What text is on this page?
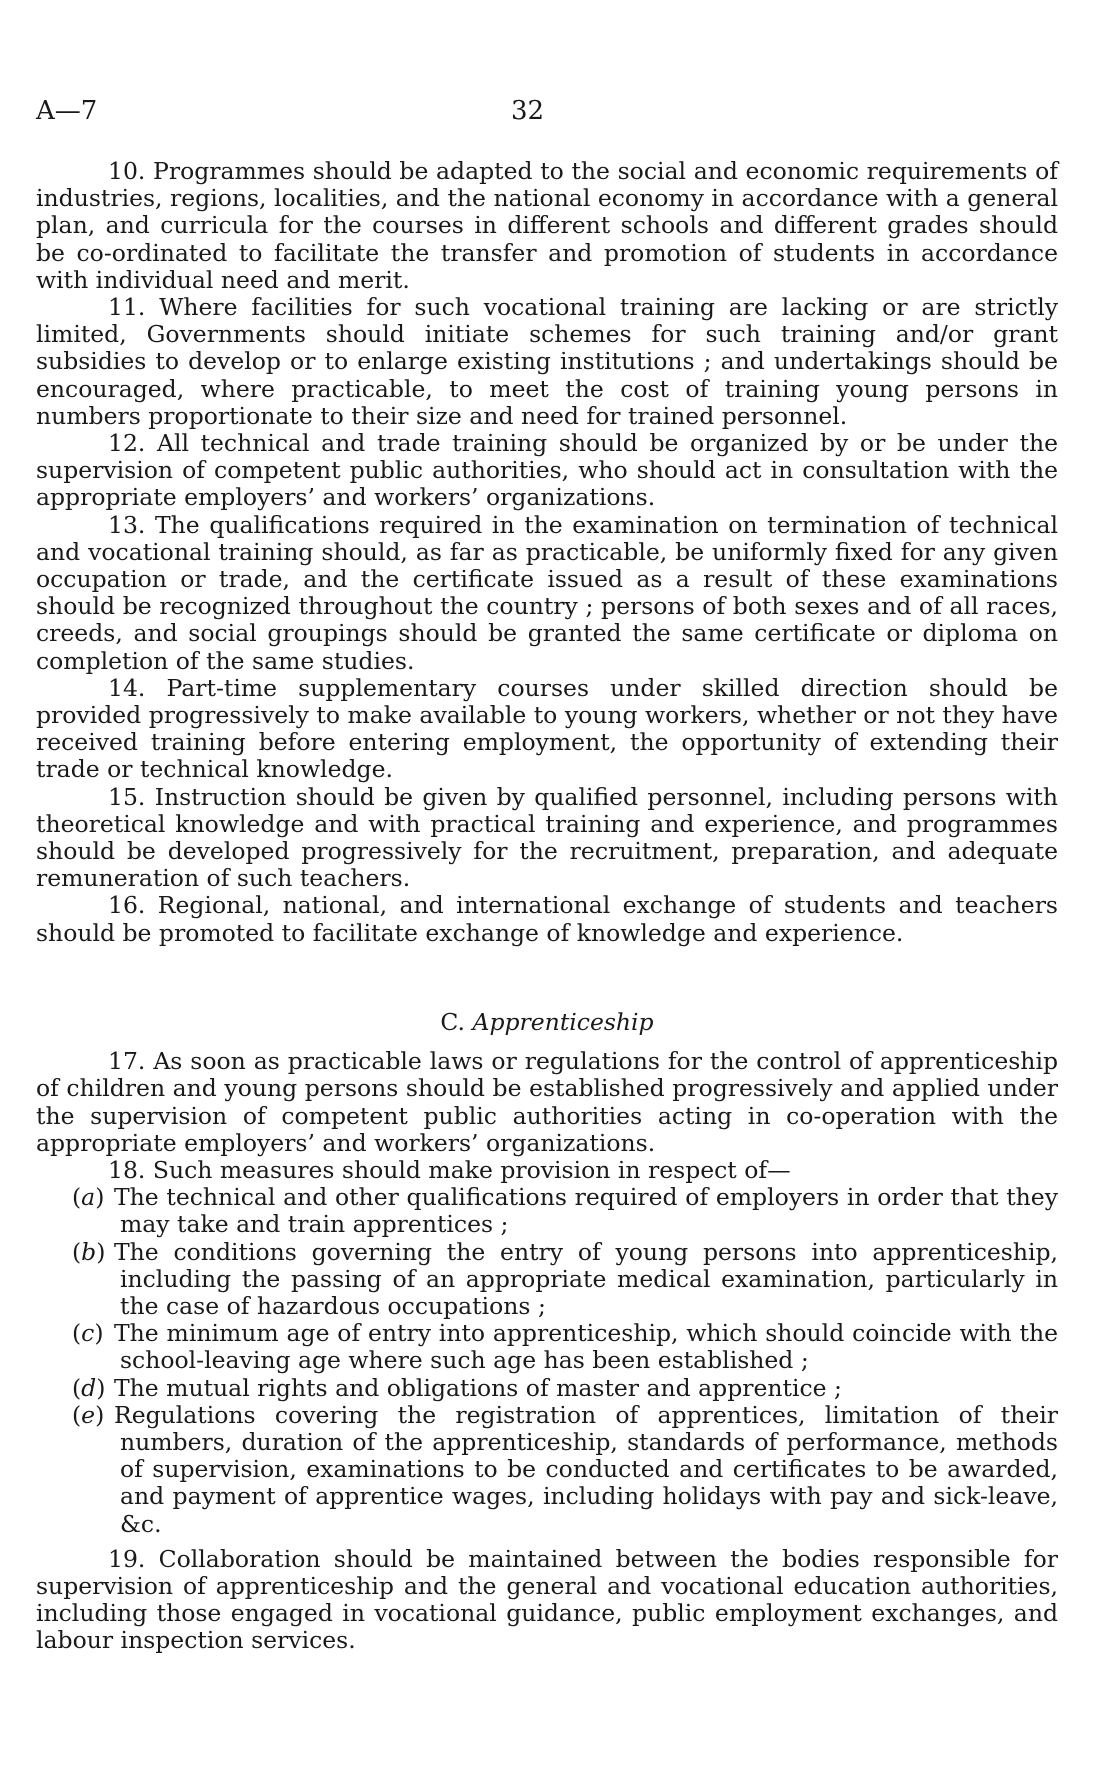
A—7	32

10. Programmes should be adapted to the social and economic requirements of industries, regions, localities, and the national economy in accordance with a general plan, and curricula for the courses in different schools and different grades should be co-ordinated to facilitate the transfer and promotion of students in accordance with individual need and merit.

11. Where facilities for such vocational training are lacking or are strictly limited, Governments should initiate schemes for such training and/or grant subsidies to develop or to enlarge existing institutions ; and undertakings should be encouraged, where practicable, to meet the cost of training young persons in numbers proportionate to their size and need for trained personnel.

12. All technical and trade training should be organized by or be under the supervision of competent public authorities, who should act in consultation with the appropriate employers’ and workers’ organizations.

13. The qualifications required in the examination on termination of technical and vocational training should, as far as practicable, be uniformly fixed for any given occupation or trade, and the certificate issued as a result of these examinations should be recognized throughout the country ; persons of both sexes and of all races, creeds, and social groupings should be granted the same certificate or diploma on completion of the same studies.

14. Part-time supplementary courses under skilled direction should be provided progressively to make available to young workers, whether or not they have received training before entering employment, the opportunity of extending their trade or technical knowledge.

15. Instruction should be given by qualified personnel, including persons with theoretical knowledge and with practical training and experience, and programmes should be developed progressively for the recruitment, preparation, and adequate remuneration of such teachers.

16. Regional, national, and international exchange of students and teachers should be promoted to facilitate exchange of knowledge and experience.

C. Apprenticeship

17. As soon as practicable laws or regulations for the control of apprenticeship of children and young persons should be established progressively and applied under the supervision of competent public authorities acting in co-operation with the appropriate employers’ and workers’ organizations.

18. Such measures should make provision in respect of—

(a) The technical and other qualifications required of employers in order that they may take and train apprentices ;

(b) The conditions governing the entry of young persons into apprenticeship, including the passing of an appropriate medical examination, particularly in the case of hazardous occupations ;

(c) The minimum age of entry into apprenticeship, which should coincide with the school-leaving age where such age has been established ;

(d) The mutual rights and obligations of master and apprentice ;

(e) Regulations covering the registration of apprentices, limitation of their numbers, duration of the apprenticeship, standards of performance, methods of supervision, examinations to be conducted and certificates to be awarded, and payment of apprentice wages, including holidays with pay and sick-leave, &c.

19. Collaboration should be maintained between the bodies responsible for supervision of apprenticeship and the general and vocational education authorities, including those engaged in vocational guidance, public employment exchanges, and labour inspection services.
